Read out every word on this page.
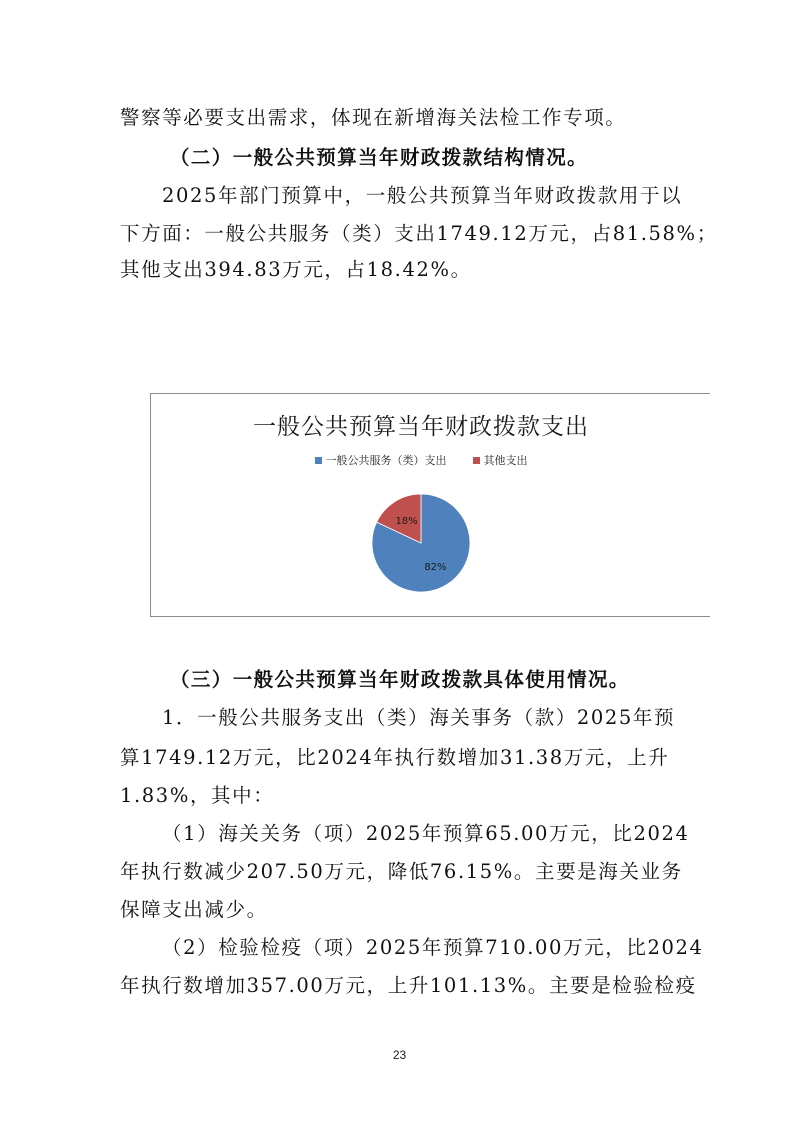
警察等必要支出需求，体现在新增海关法检工作专项。
（二）一般公共预算当年财政拨款结构情况。
2025年部门预算中，一般公共预算当年财政拨款用于以
下方面：一般公共服务（类）支出1749.12万元，占81.58%；
其他支出394.83万元，占18.42%。
一般公共预算当年财政拨款支出
一般公共服务（类）支出	其他支出
82%
18%
（三）一般公共预算当年财政拨款具体使用情况。
1．一般公共服务支出（类）海关事务（款）2025年预
算1749.12万元，比2024年执行数增加31.38万元，上升
1.83%，其中：
（1）海关关务（项）2025年预算65.00万元，比2024
年执行数减少207.50万元，降低76.15%。主要是海关业务
保障支出减少。
（2）检验检疫（项）2025年预算710.00万元，比2024
年执行数增加357.00万元，上升101.13%。主要是检验检疫
23
